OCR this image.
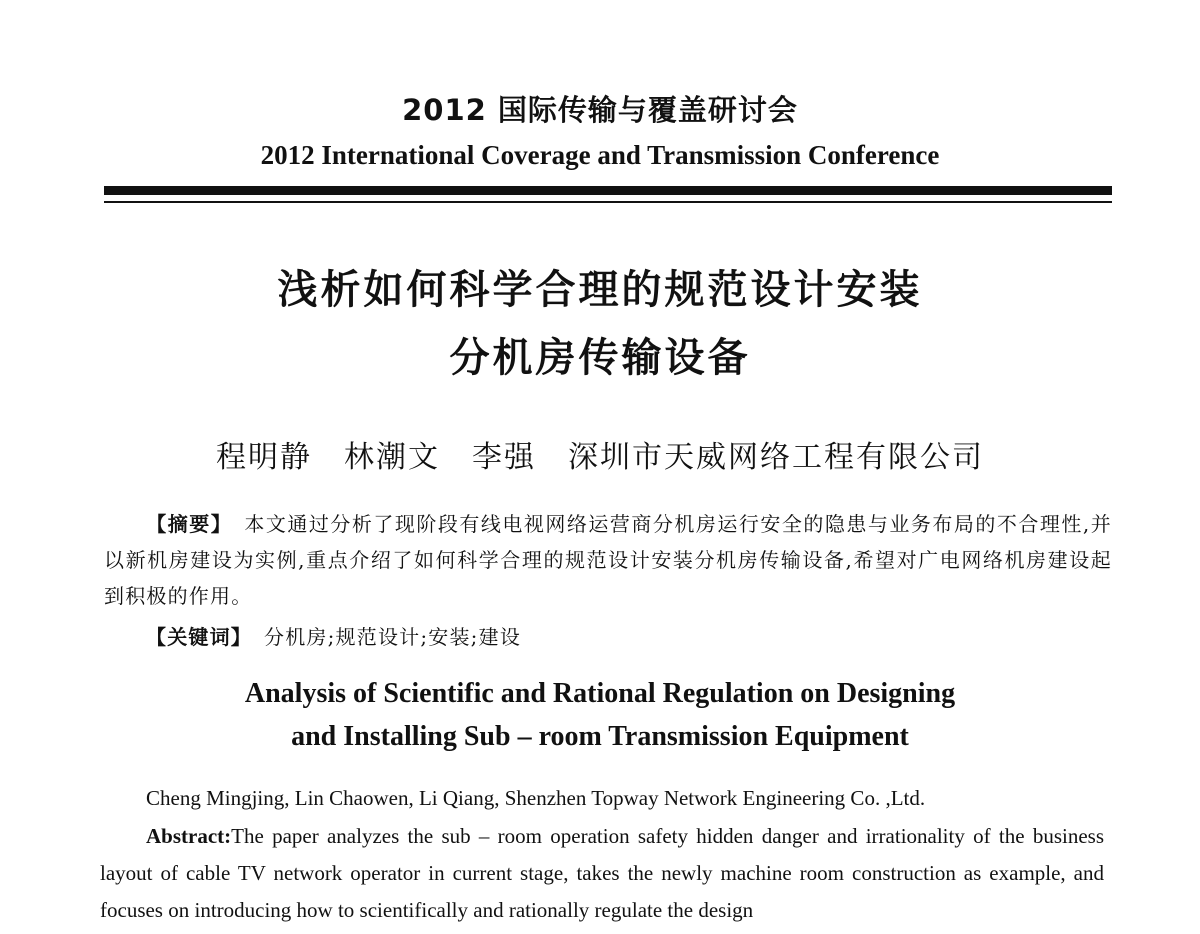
2012 国际传输与覆盖研讨会
2012 International Coverage and Transmission Conference
浅析如何科学合理的规范设计安装
分机房传输设备
程明静　林潮文　李强　深圳市天威网络工程有限公司
【摘要】 本文通过分析了现阶段有线电视网络运营商分机房运行安全的隐患与业务布局的不合理性,并以新机房建设为实例,重点介绍了如何科学合理的规范设计安装分机房传输设备,希望对广电网络机房建设起到积极的作用。
【关键词】 分机房;规范设计;安装;建设
Analysis of Scientific and Rational Regulation on Designing
and Installing Sub – room Transmission Equipment
Cheng Mingjing, Lin Chaowen, Li Qiang, Shenzhen Topway Network Engineering Co. ,Ltd.
Abstract:The paper analyzes the sub – room operation safety hidden danger and irrationality of the business layout of cable TV network operator in current stage, takes the newly machine room construction as example, and focuses on introducing how to scientifically and rationally regulate the design
